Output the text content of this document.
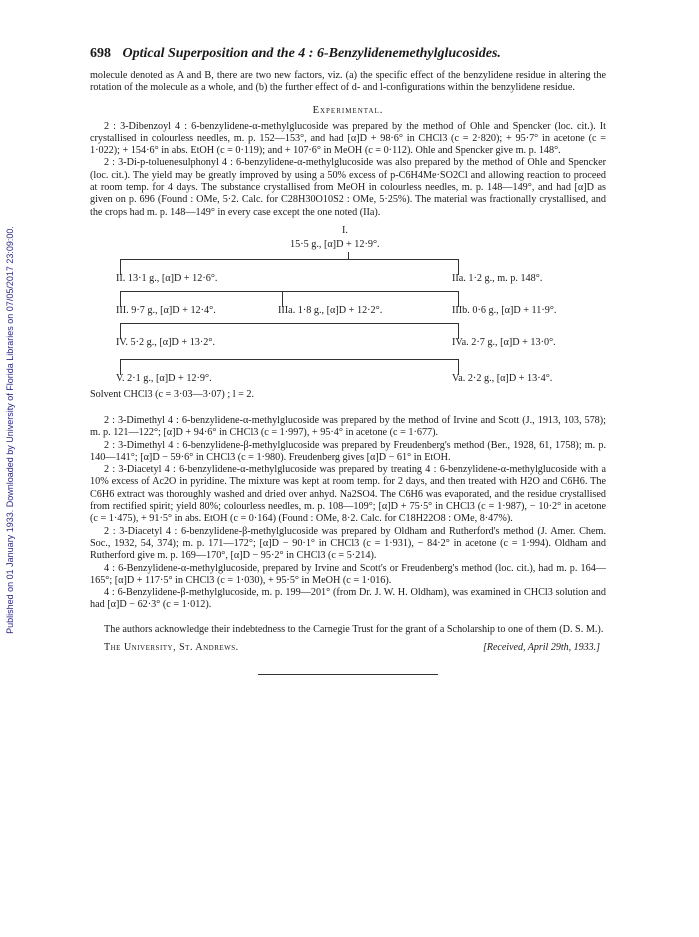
Published on 01 January 1933. Downloaded by University of Florida Libraries on 07/05/2017 23:09:00.
698 Optical Superposition and the 4 : 6-Benzylidenemethylglucosides.

molecule denoted as A and B, there are two new factors, viz. (a) the specific effect of the benzylidene residue in altering the rotation of the molecule as a whole, and (b) the further effect of d- and l-configurations within the benzylidene residue.

Experimental.

2 : 3-Dibenzoyl 4 : 6-benzylidene-α-methylglucoside was prepared by the method of Ohle and Spencker (loc. cit.). It crystallised in colourless needles, m. p. 152—153°, and had [α]D + 98·6° in CHCl3 (c = 2·820); + 95·7° in acetone (c = 1·022); + 154·6° in abs. EtOH (c = 0·119); and + 107·6° in MeOH (c = 0·112). Ohle and Spencker give m. p. 148°.

2 : 3-Di-p-toluenesulphonyl 4 : 6-benzylidene-α-methylglucoside was also prepared by the method of Ohle and Spencker (loc. cit.). The yield may be greatly improved by using a 50% excess of p-C6H4Me·SO2Cl and allowing reaction to proceed at room temp. for 4 days. The substance crystallised from MeOH in colourless needles, m. p. 148—149°, and had [α]D as given on p. 696 (Found : OMe, 5·2. Calc. for C28H30O10S2 : OMe, 5·25%). The material was fractionally crystallised, and the crops had m. p. 148—149° in every case except the one noted (IIa).

I.
15·5 g., [α]D + 12·9°.
II. 13·1 g., [α]D + 12·6°.	IIa. 1·2 g., m. p. 148°.
III. 9·7 g., [α]D + 12·4°.	IIIa. 1·8 g., [α]D + 12·2°.	IIIb. 0·6 g., [α]D + 11·9°.
IV. 5·2 g., [α]D + 13·2°.	IVa. 2·7 g., [α]D + 13·0°.
V. 2·1 g., [α]D + 12·9°.	Va. 2·2 g., [α]D + 13·4°.
Solvent CHCl3 (c = 3·03—3·07) ; l = 2.

2 : 3-Dimethyl 4 : 6-benzylidene-α-methylglucoside was prepared by the method of Irvine and Scott (J., 1913, 103, 578); m. p. 121—122°; [α]D + 94·6° in CHCl3 (c = 1·997), + 95·4° in acetone (c = 1·677).

2 : 3-Dimethyl 4 : 6-benzylidene-β-methylglucoside was prepared by Freudenberg's method (Ber., 1928, 61, 1758); m. p. 140—141°; [α]D − 59·6° in CHCl3 (c = 1·980). Freudenberg gives [α]D − 61° in EtOH.

2 : 3-Diacetyl 4 : 6-benzylidene-α-methylglucoside was prepared by treating 4 : 6-benzylidene-α-methylglucoside with a 10% excess of Ac2O in pyridine. The mixture was kept at room temp. for 2 days, and then treated with H2O and C6H6. The C6H6 extract was thoroughly washed and dried over anhyd. Na2SO4. The C6H6 was evaporated, and the residue crystallised from rectified spirit; yield 80%; colourless needles, m. p. 108—109°; [α]D + 75·5° in CHCl3 (c = 1·987), − 10·2° in acetone (c = 1·475), + 91·5° in abs. EtOH (c = 0·164) (Found : OMe, 8·2. Calc. for C18H22O8 : OMe, 8·47%).

2 : 3-Diacetyl 4 : 6-benzylidene-β-methylglucoside was prepared by Oldham and Rutherford's method (J. Amer. Chem. Soc., 1932, 54, 374); m. p. 171—172°; [α]D − 90·1° in CHCl3 (c = 1·931), − 84·2° in acetone (c = 1·994). Oldham and Rutherford give m. p. 169—170°, [α]D − 95·2° in CHCl3 (c = 5·214).

4 : 6-Benzylidene-α-methylglucoside, prepared by Irvine and Scott's or Freudenberg's method (loc. cit.), had m. p. 164—165°; [α]D + 117·5° in CHCl3 (c = 1·030), + 95·5° in MeOH (c = 1·016).

4 : 6-Benzylidene-β-methylglucoside, m. p. 199—201° (from Dr. J. W. H. Oldham), was examined in CHCl3 solution and had [α]D − 62·3° (c = 1·012).

The authors acknowledge their indebtedness to the Carnegie Trust for the grant of a Scholarship to one of them (D. S. M.).

The University, St. Andrews.	[Received, April 29th, 1933.]
